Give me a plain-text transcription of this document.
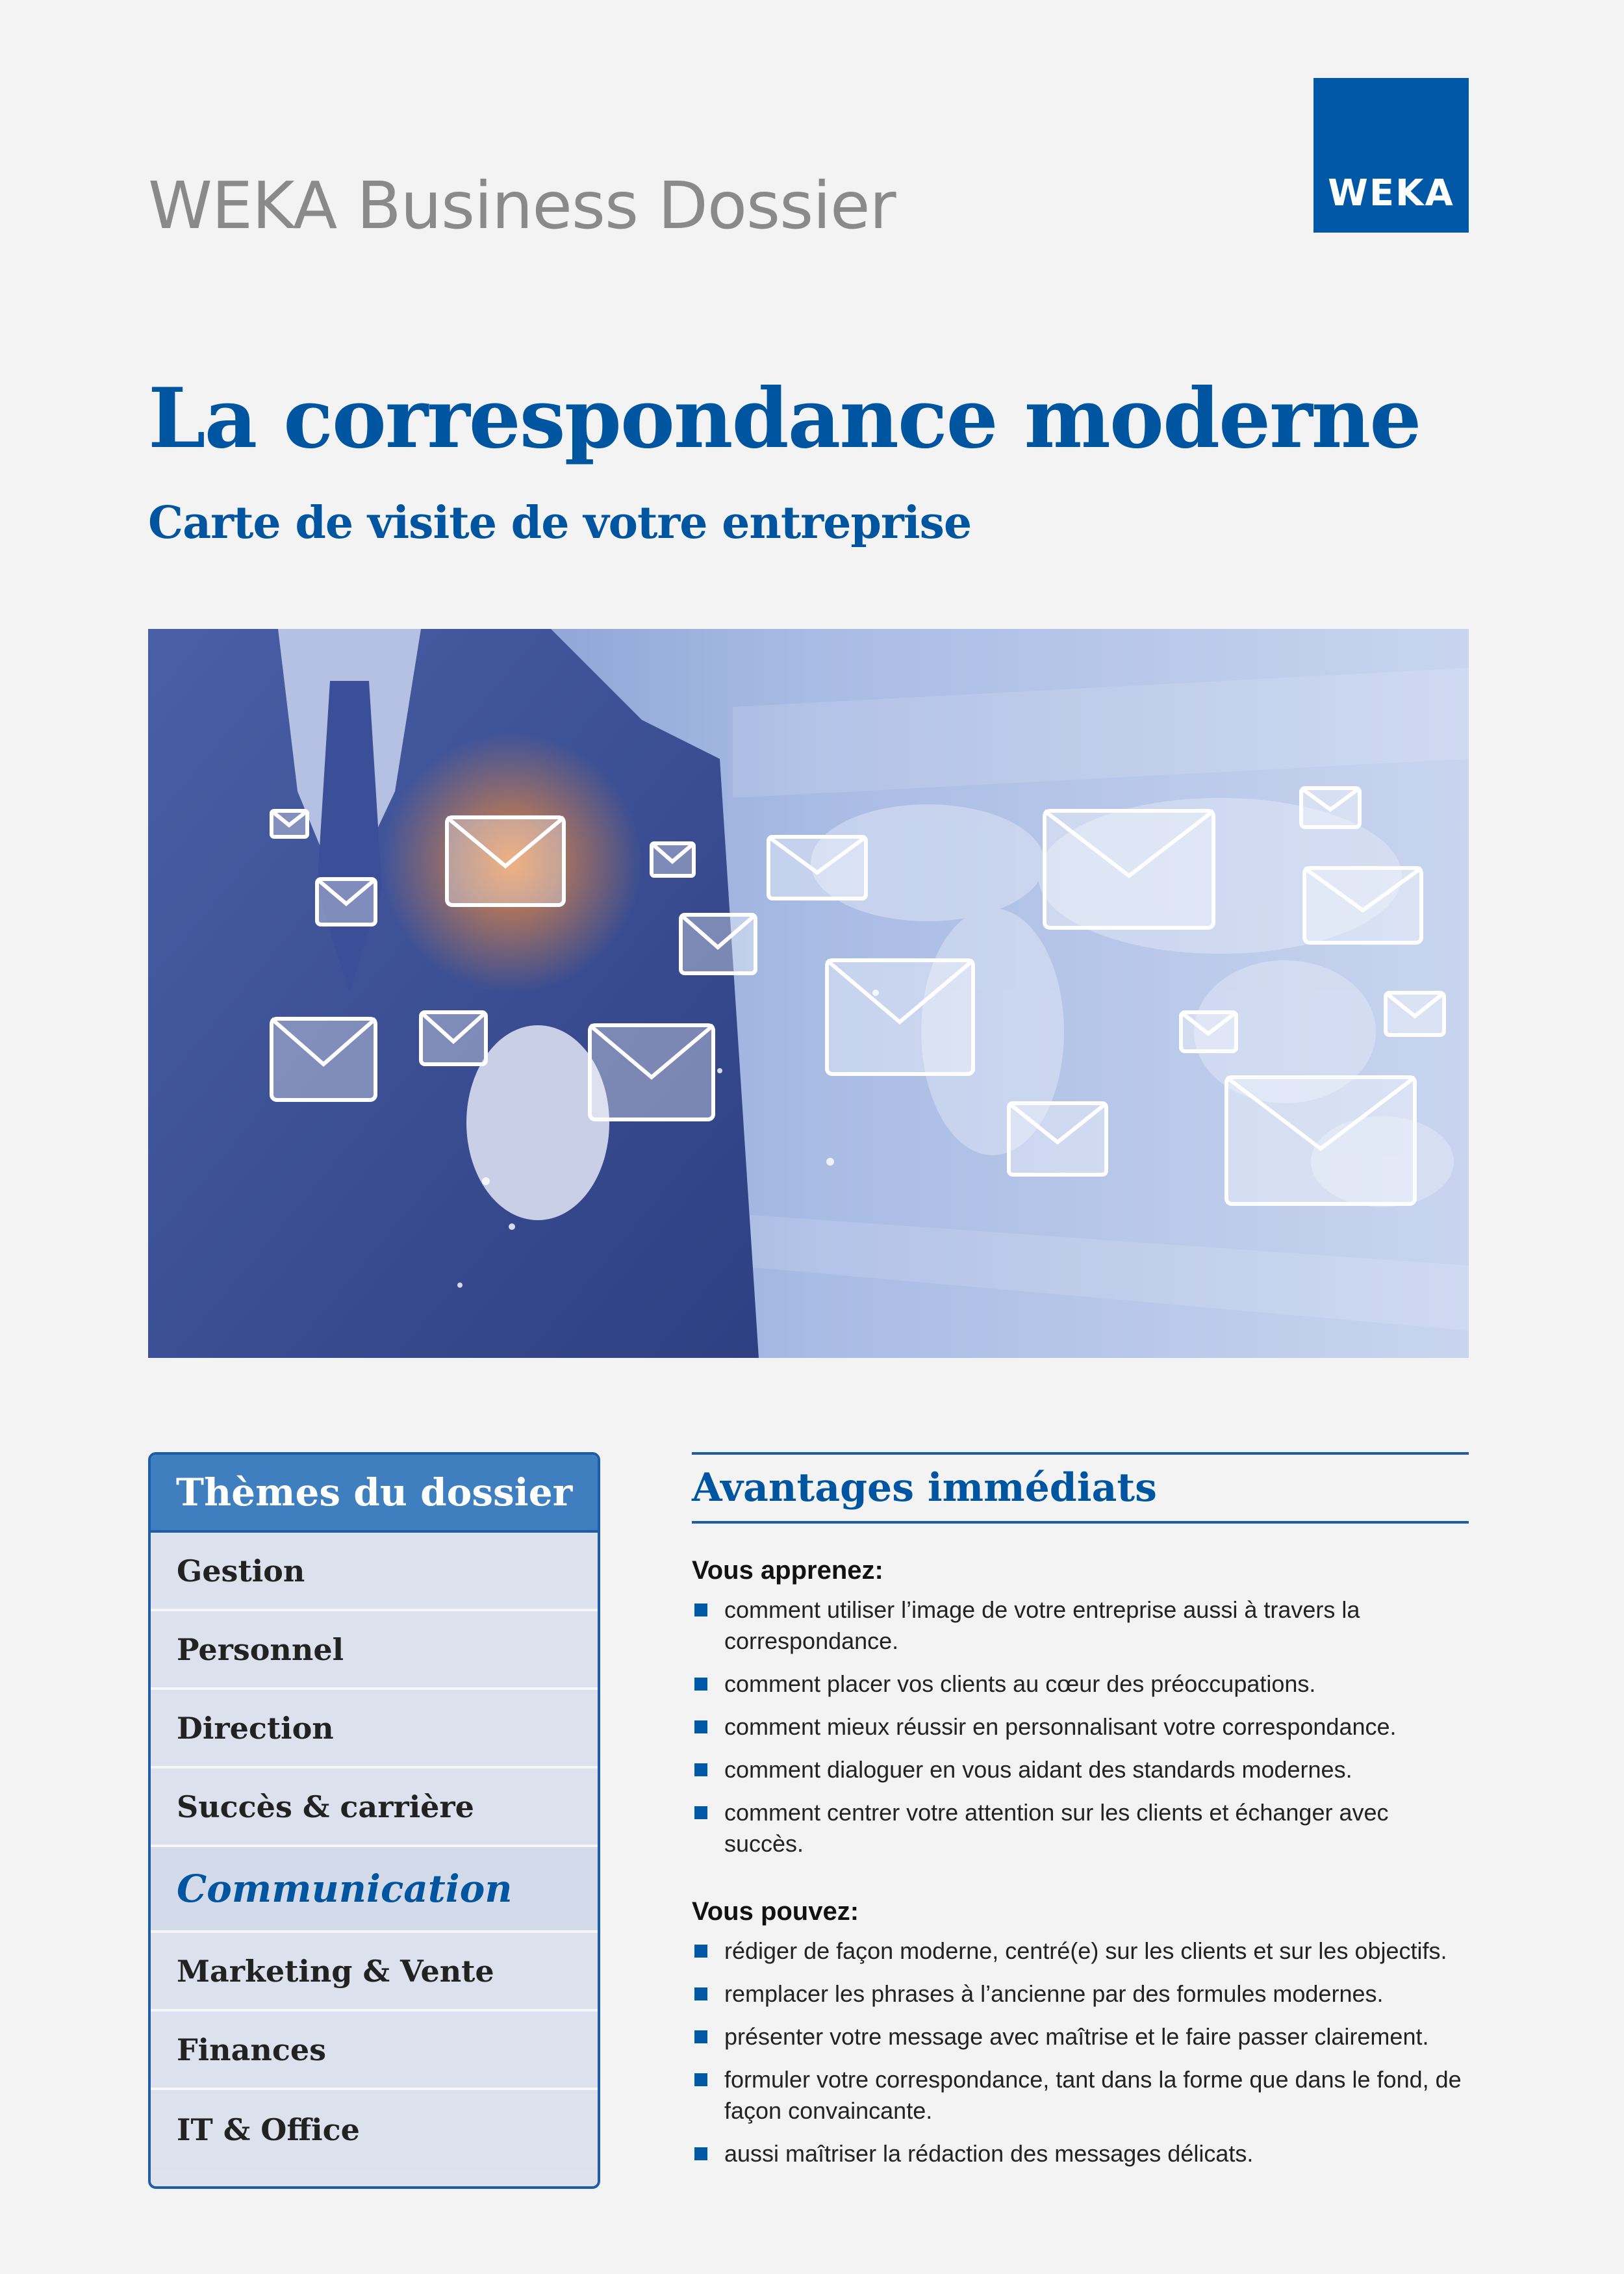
WEKA Business Dossier	WEKA
La correspondance moderne
Carte de visite de votre entreprise
Thèmes du dossier
Gestion
Personnel
Direction
Succès & carrière
Communication
Marketing & Vente
Finances
IT & Office
Avantages immédiats
Vous apprenez:
comment utiliser l’image de votre entreprise aussi à travers la correspondance.
comment placer vos clients au cœur des préoccupations.
comment mieux réussir en personnalisant votre correspondance.
comment dialoguer en vous aidant des standards modernes.
comment centrer votre attention sur les clients et échanger avec succès.
Vous pouvez:
rédiger de façon moderne, centré(e) sur les clients et sur les objectifs.
remplacer les phrases à l’ancienne par des formules modernes.
présenter votre message avec maîtrise et le faire passer clairement.
formuler votre correspondance, tant dans la forme que dans le fond, de façon convaincante.
aussi maîtriser la rédaction des messages délicats.
